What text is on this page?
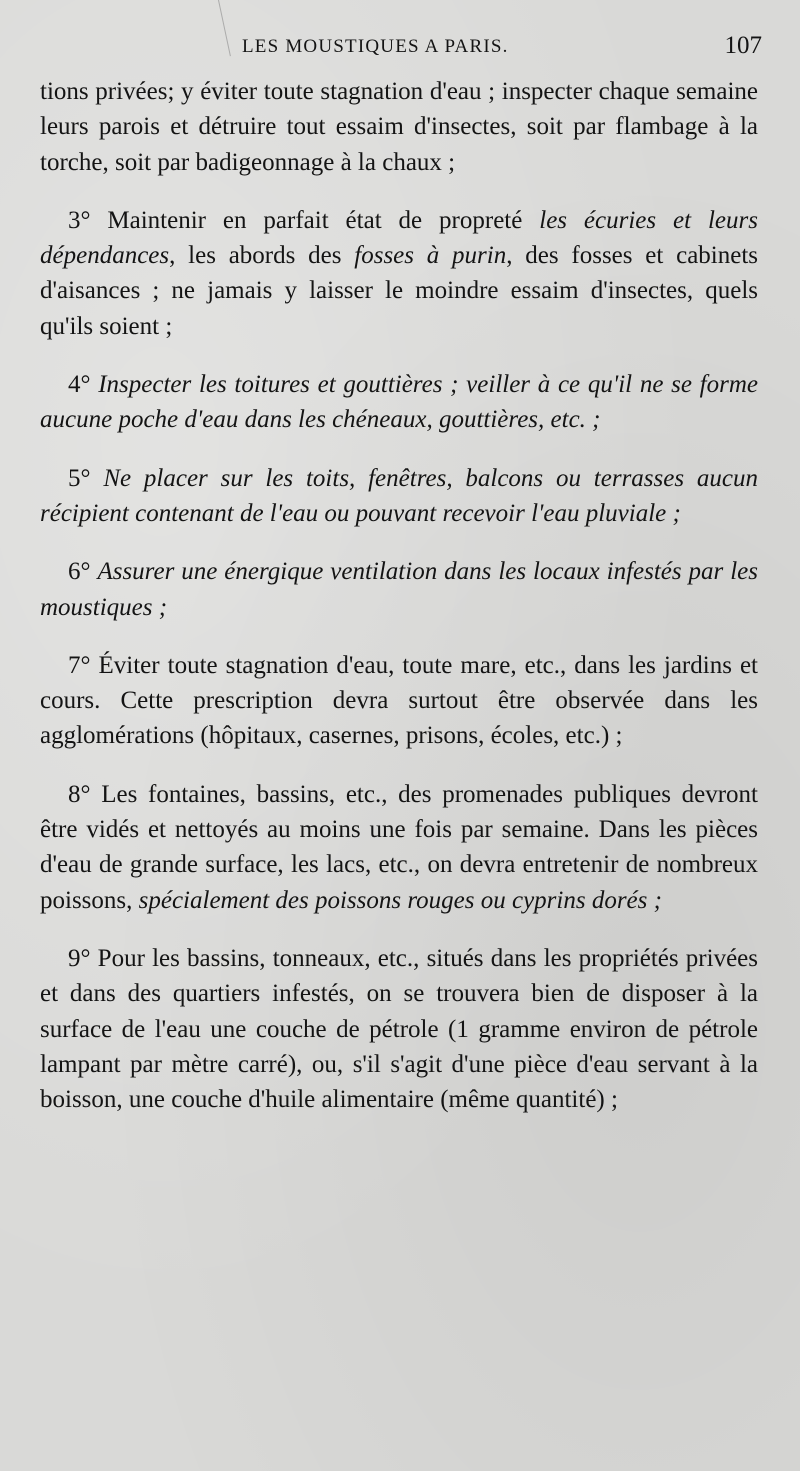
LES MOUSTIQUES A PARIS.	107

tions privées; y éviter toute stagnation d'eau ; inspecter chaque semaine leurs parois et détruire tout essaim d'insectes, soit par flambage à la torche, soit par badigeonnage à la chaux ;

3° Maintenir en parfait état de propreté les écuries et leurs dépendances, les abords des fosses à purin, des fosses et cabinets d'aisances ; ne jamais y laisser le moindre essaim d'insectes, quels qu'ils soient ;

4° Inspecter les toitures et gouttières ; veiller à ce qu'il ne se forme aucune poche d'eau dans les chéneaux, gouttières, etc. ;

5° Ne placer sur les toits, fenêtres, balcons ou terrasses aucun récipient contenant de l'eau ou pouvant recevoir l'eau pluviale ;

6° Assurer une énergique ventilation dans les locaux infestés par les moustiques ;

7° Éviter toute stagnation d'eau, toute mare, etc., dans les jardins et cours. Cette prescription devra surtout être observée dans les agglomérations (hôpitaux, casernes, prisons, écoles, etc.) ;

8° Les fontaines, bassins, etc., des promenades publiques devront être vidés et nettoyés au moins une fois par semaine. Dans les pièces d'eau de grande surface, les lacs, etc., on devra entretenir de nombreux poissons, spécialement des poissons rouges ou cyprins dorés ;

9° Pour les bassins, tonneaux, etc., situés dans les propriétés privées et dans des quartiers infestés, on se trouvera bien de disposer à la surface de l'eau une couche de pétrole (1 gramme environ de pétrole lampant par mètre carré), ou, s'il s'agit d'une pièce d'eau servant à la boisson, une couche d'huile alimentaire (même quantité) ;
